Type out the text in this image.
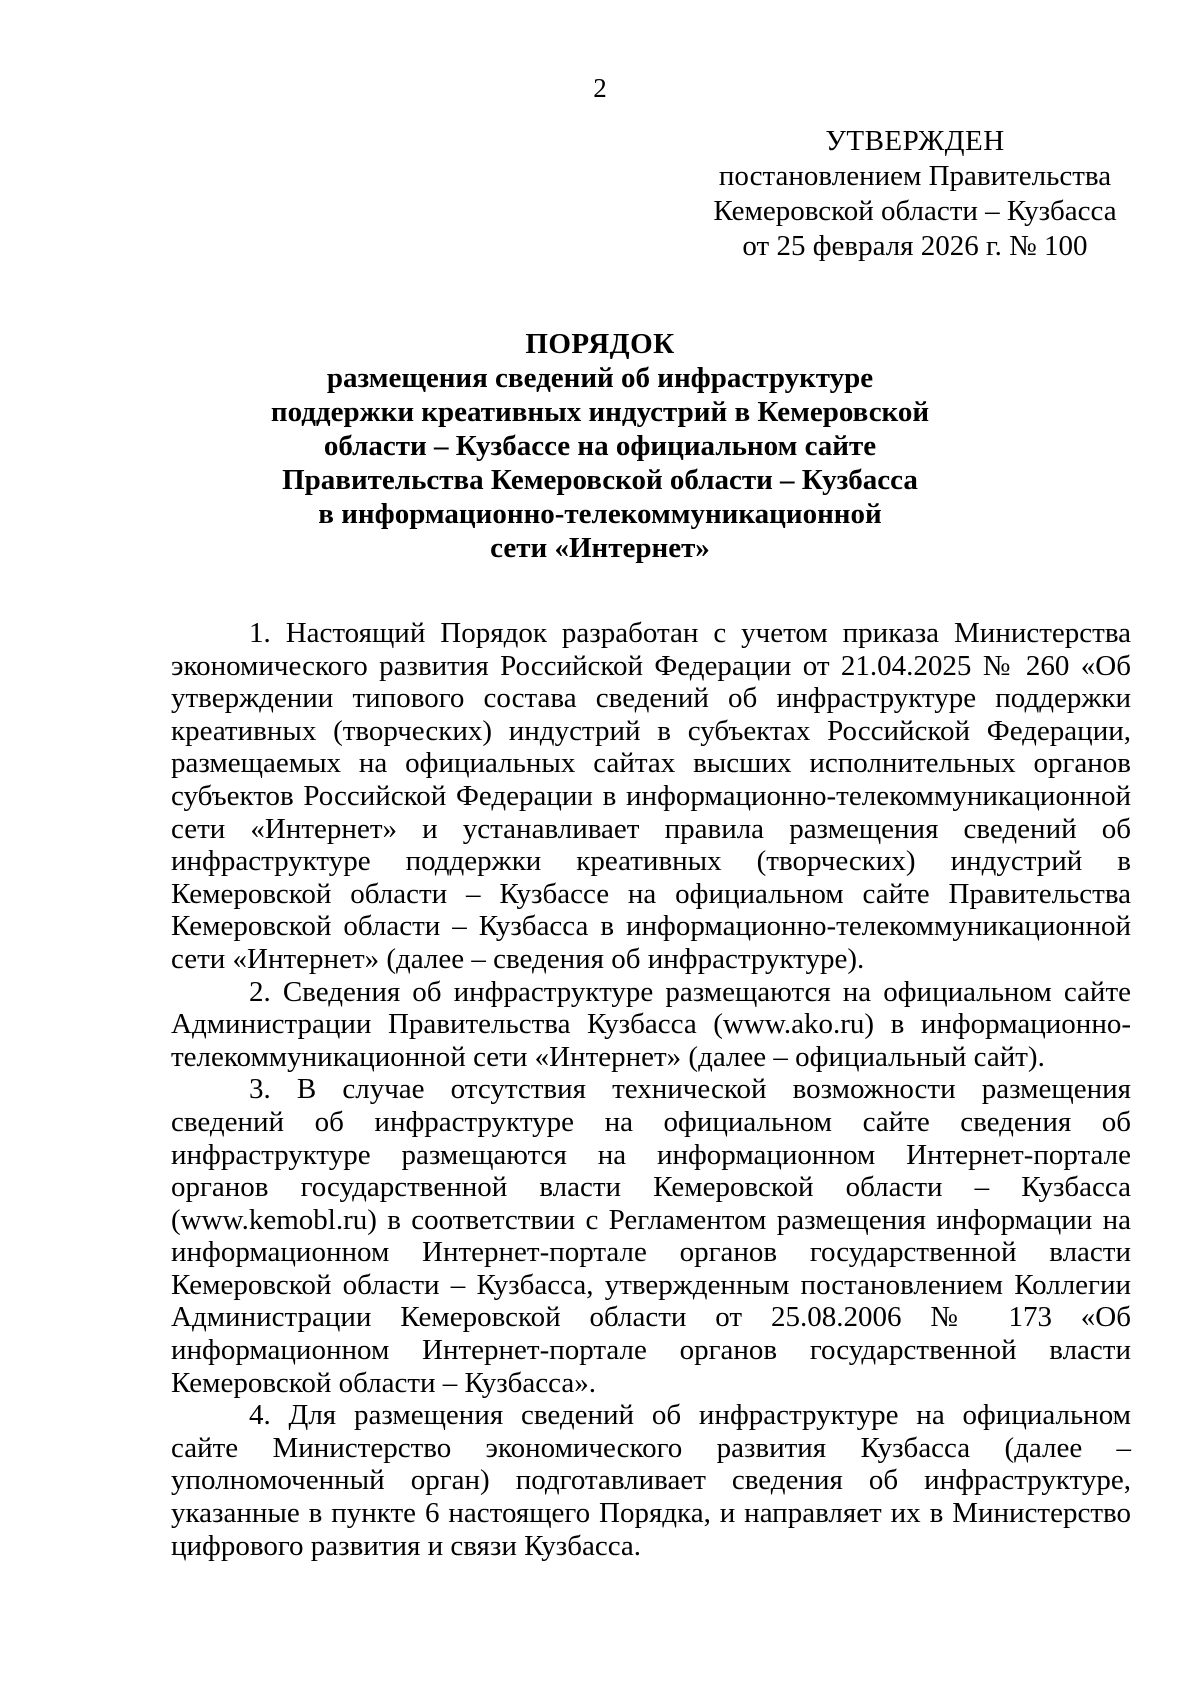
2
УТВЕРЖДЕН
постановлением Правительства
Кемеровской области – Кузбасса
от 25 февраля 2026 г. № 100
ПОРЯДОК
размещения сведений об инфраструктуре
поддержки креативных индустрий в Кемеровской
области – Кузбассе на официальном сайте
Правительства Кемеровской области – Кузбасса
в информационно-телекоммуникационной
сети «Интернет»

1. Настоящий Порядок разработан с учетом приказа Министерства экономического развития Российской Федерации от 21.04.2025 № 260 «Об утверждении типового состава сведений об инфраструктуре поддержки креативных (творческих) индустрий в субъектах Российской Федерации, размещаемых на официальных сайтах высших исполнительных органов субъектов Российской Федерации в информационно-телекоммуникационной сети «Интернет» и устанавливает правила размещения сведений об инфраструктуре поддержки креативных (творческих) индустрий в Кемеровской области – Кузбассе на официальном сайте Правительства Кемеровской области – Кузбасса в информационно-телекоммуникационной сети «Интернет» (далее – сведения об инфраструктуре).

2. Сведения об инфраструктуре размещаются на официальном сайте Администрации Правительства Кузбасса (www.ako.ru) в информационно-телекоммуникационной сети «Интернет» (далее – официальный сайт).

3. В случае отсутствия технической возможности размещения сведений об инфраструктуре на официальном сайте сведения об инфраструктуре размещаются на информационном Интернет-портале органов государственной власти Кемеровской области – Кузбасса (www.kemobl.ru) в соответствии с Регламентом размещения информации на информационном Интернет-портале органов государственной власти Кемеровской области – Кузбасса, утвержденным постановлением Коллегии Администрации Кемеровской области от 25.08.2006 № 173 «Об информационном Интернет-портале органов государственной власти Кемеровской области – Кузбасса».

4. Для размещения сведений об инфраструктуре на официальном сайте Министерство экономического развития Кузбасса (далее – уполномоченный орган) подготавливает сведения об инфраструктуре, указанные в пункте 6 настоящего Порядка, и направляет их в Министерство цифрового развития и связи Кузбасса.
